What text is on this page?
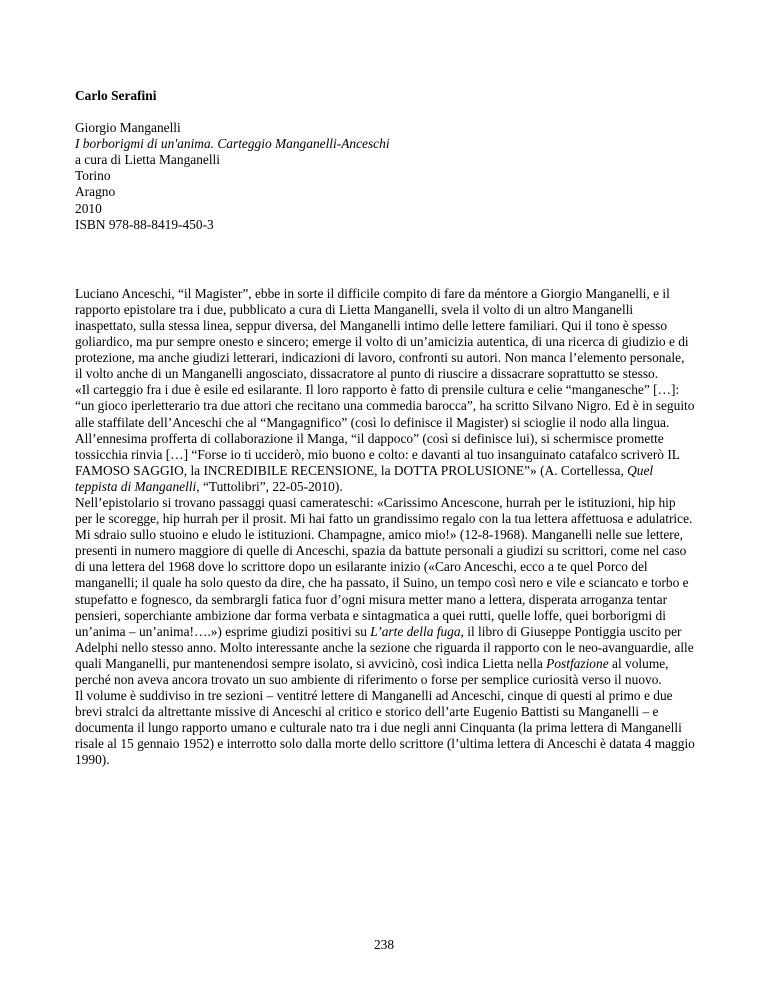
Carlo Serafini

Giorgio Manganelli

I borborigmi di un'anima. Carteggio Manganelli-Anceschi

a cura di Lietta Manganelli

Torino

Aragno

2010

ISBN 978-88-8419-450-3

Luciano Anceschi, “il Magister”, ebbe in sorte il difficile compito di fare da méntore a Giorgio Manganelli, e il rapporto epistolare tra i due, pubblicato a cura di Lietta Manganelli, svela il volto di un altro Manganelli inaspettato, sulla stessa linea, seppur diversa, del Manganelli intimo delle lettere familiari. Qui il tono è spesso goliardico, ma pur sempre onesto e sincero; emerge il volto di un’amicizia autentica, di una ricerca di giudizio e di protezione, ma anche giudizi letterari, indicazioni di lavoro, confronti su autori. Non manca l’elemento personale, il volto anche di un Manganelli angosciato, dissacratore al punto di riuscire a dissacrare soprattutto se stesso.

«Il carteggio fra i due è esile ed esilarante. Il loro rapporto è fatto di prensile cultura e celie “manganesche” […]: “un gioco iperletterario tra due attori che recitano una commedia barocca”, ha scritto Silvano Nigro. Ed è in seguito alle staffilate dell’Anceschi che al “Mangagnifico” (così lo definisce il Magister) si scioglie il nodo alla lingua. All’ennesima profferta di collaborazione il Manga, “il dappoco” (così si definisce lui), si schermisce promette tossicchia rinvia […] “Forse io ti ucciderò, mio buono e colto: e davanti al tuo insanguinato catafalco scriverò IL FAMOSO SAGGIO, la INCREDIBILE RECENSIONE, la DOTTA PROLUSIONE”» (A. Cortellessa, Quel teppista di Manganelli, “Tuttolibri”, 22-05-2010).

Nell’epistolario si trovano passaggi quasi camerateschi: «Carissimo Ancescone, hurrah per le istituzioni, hip hip per le scoregge, hip hurrah per il prosit. Mi hai fatto un grandissimo regalo con la tua lettera affettuosa e adulatrice. Mi sdraio sullo stuoino e eludo le istituzioni. Champagne, amico mio!» (12-8-1968). Manganelli nelle sue lettere, presenti in numero maggiore di quelle di Anceschi, spazia da battute personali a giudizi su scrittori, come nel caso di una lettera del 1968 dove lo scrittore dopo un esilarante inizio («Caro Anceschi, ecco a te quel Porco del manganelli; il quale ha solo questo da dire, che ha passato, il Suino, un tempo così nero e vile e sciancato e torbo e stupefatto e fognesco, da sembrargli fatica fuor d’ogni misura metter mano a lettera, disperata arroganza tentar pensieri, soperchiante ambizione dar forma verbata e sintagmatica a quei rutti, quelle loffe, quei borborigmi di un’anima – un’anima!….») esprime giudizi positivi su L’arte della fuga, il libro di Giuseppe Pontiggia uscito per Adelphi nello stesso anno. Molto interessante anche la sezione che riguarda il rapporto con le neo-avanguardie, alle quali Manganelli, pur mantenendosi sempre isolato, si avvicinò, così indica Lietta nella Postfazione al volume, perché non aveva ancora trovato un suo ambiente di riferimento o forse per semplice curiosità verso il nuovo.

Il volume è suddiviso in tre sezioni – ventitré lettere di Manganelli ad Anceschi, cinque di questi al primo e due brevi stralci da altrettante missive di Anceschi al critico e storico dell’arte Eugenio Battisti su Manganelli – e documenta il lungo rapporto umano e culturale nato tra i due negli anni Cinquanta (la prima lettera di Manganelli risale al 15 gennaio 1952) e interrotto solo dalla morte dello scrittore (l’ultima lettera di Anceschi è datata 4 maggio 1990).

238
